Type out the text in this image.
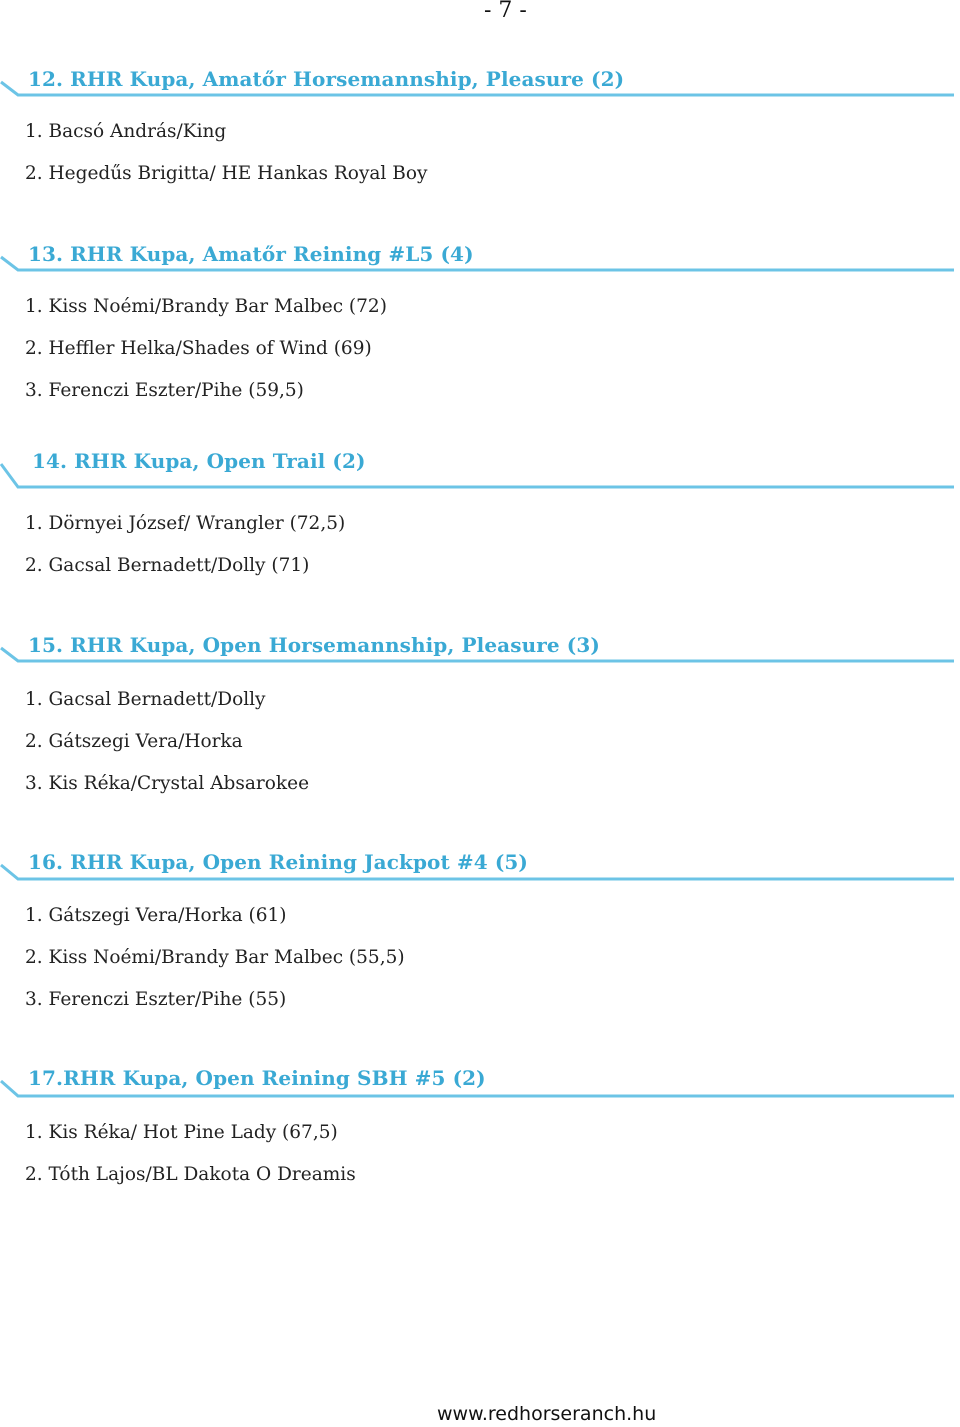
- 7 -
12. RHR Kupa, Amatőr Horsemannship, Pleasure (2)
1. Bacsó András/King
2. Hegedűs Brigitta/ HE Hankas Royal Boy
13. RHR Kupa, Amatőr Reining #L5 (4)
1. Kiss Noémi/Brandy Bar Malbec (72)
2. Heffler Helka/Shades of Wind (69)
3. Ferenczi Eszter/Pihe (59,5)
14. RHR Kupa, Open Trail (2)
1. Dörnyei József/ Wrangler (72,5)
2. Gacsal Bernadett/Dolly (71)
15. RHR Kupa, Open Horsemannship, Pleasure (3)
1. Gacsal Bernadett/Dolly
2. Gátszegi Vera/Horka
3. Kis Réka/Crystal Absarokee
16. RHR Kupa, Open Reining Jackpot #4 (5)
1. Gátszegi Vera/Horka (61)
2. Kiss Noémi/Brandy Bar Malbec (55,5)
3. Ferenczi Eszter/Pihe (55)
17.RHR Kupa, Open Reining SBH #5 (2)
1. Kis Réka/ Hot Pine Lady (67,5)
2. Tóth Lajos/BL Dakota O Dreamis
www.redhorseranch.hu
